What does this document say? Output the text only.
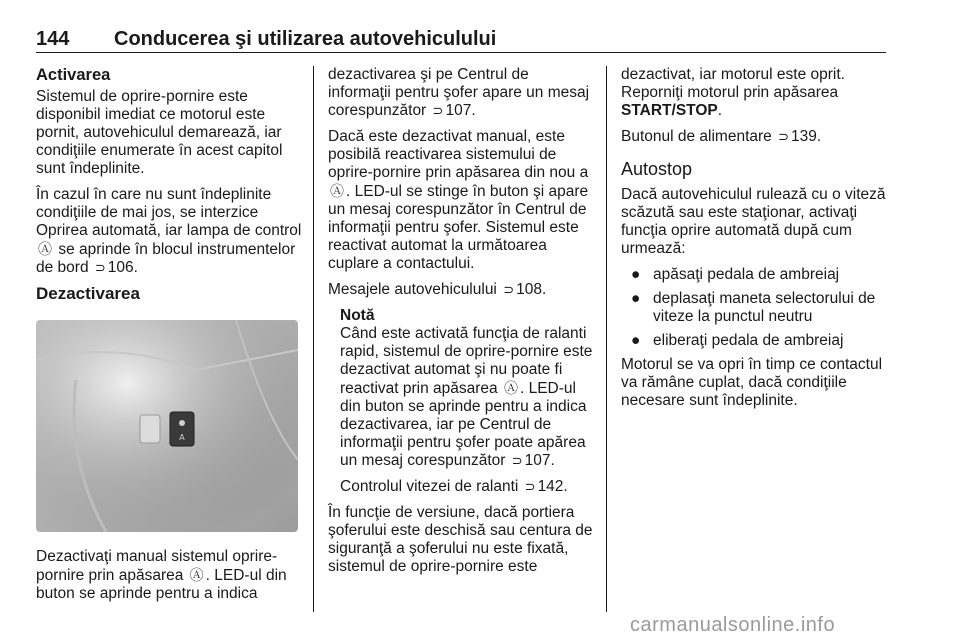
144 Conducerea şi utilizarea autovehiculului
Activarea

Sistemul de oprire-pornire este disponibil imediat ce motorul este pornit, autovehiculul demarează, iar condiţiile enumerate în acest capitol sunt îndeplinite.

În cazul în care nu sunt îndeplinite condiţiile de mai jos, se interzice Oprirea automată, iar lampa de control Ⓐ se aprinde în blocul instrumentelor de bord ⊃ 106.

Dezactivarea
A

Dezactivaţi manual sistemul oprire-pornire prin apăsarea Ⓐ . LED-ul din buton se aprinde pentru a indica

dezactivarea şi pe Centrul de informaţii pentru şofer apare un mesaj corespunzător ⊃ 107.

Dacă este dezactivat manual, este posibilă reactivarea sistemului de oprire-pornire prin apăsarea din nou a Ⓐ . LED-ul se stinge în buton şi apare un mesaj corespunzător în Centrul de informaţii pentru şofer. Sistemul este reactivat automat la următoarea cuplare a contactului.

Mesajele autovehiculului ⊃ 108.

Notă

Când este activată funcţia de ralanti rapid, sistemul de oprire-pornire este dezactivat automat şi nu poate fi reactivat prin apăsarea Ⓐ . LED-ul din buton se aprinde pentru a indica dezactivarea, iar pe Centrul de informaţii pentru şofer poate apărea un mesaj corespunzător ⊃ 107.

Controlul vitezei de ralanti ⊃ 142.

În funcţie de versiune, dacă portiera şoferului este deschisă sau centura de siguranţă a şoferului nu este fixată, sistemul de oprire-pornire este

dezactivat, iar motorul este oprit. Reporniţi motorul prin apăsarea START/STOP.

Butonul de alimentare ⊃ 139.

Autostop

Dacă autovehiculul rulează cu o viteză scăzută sau este staţionar, activaţi funcţia oprire automată după cum urmează:

● apăsaţi pedala de ambreiaj
● deplasaţi maneta selectorului de viteze la punctul neutru
● eliberaţi pedala de ambreiaj

Motorul se va opri în timp ce contactul va rămâne cuplat, dacă condiţiile necesare sunt îndeplinite.

carmanualsonline.info
